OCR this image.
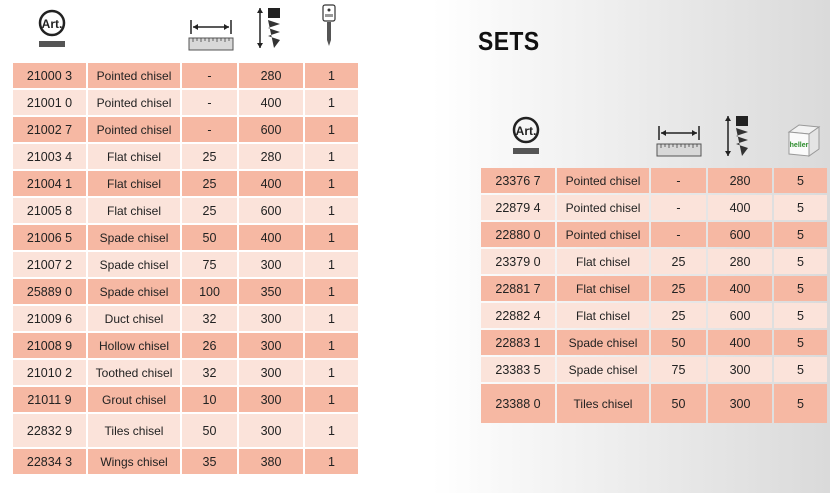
Art.
21000 3	Pointed chisel	-	280	1
21001 0	Pointed chisel	-	400	1
21002 7	Pointed chisel	-	600	1
21003 4	Flat chisel	25	280	1
21004 1	Flat chisel	25	400	1
21005 8	Flat chisel	25	600	1
21006 5	Spade chisel	50	400	1
21007 2	Spade chisel	75	300	1
25889 0	Spade chisel	100	350	1
21009 6	Duct chisel	32	300	1
21008 9	Hollow chisel	26	300	1
21010 2	Toothed chisel	32	300	1
21011 9	Grout chisel	10	300	1
22832 9	Tiles chisel	50	300	1
22834 3	Wings chisel	35	380	1
SETS
Art.
heller
23376 7	Pointed chisel	-	280	5
22879 4	Pointed chisel	-	400	5
22880 0	Pointed chisel	-	600	5
23379 0	Flat chisel	25	280	5
22881 7	Flat chisel	25	400	5
22882 4	Flat chisel	25	600	5
22883 1	Spade chisel	50	400	5
23383 5	Spade chisel	75	300	5
23388 0	Tiles chisel	50	300	5
